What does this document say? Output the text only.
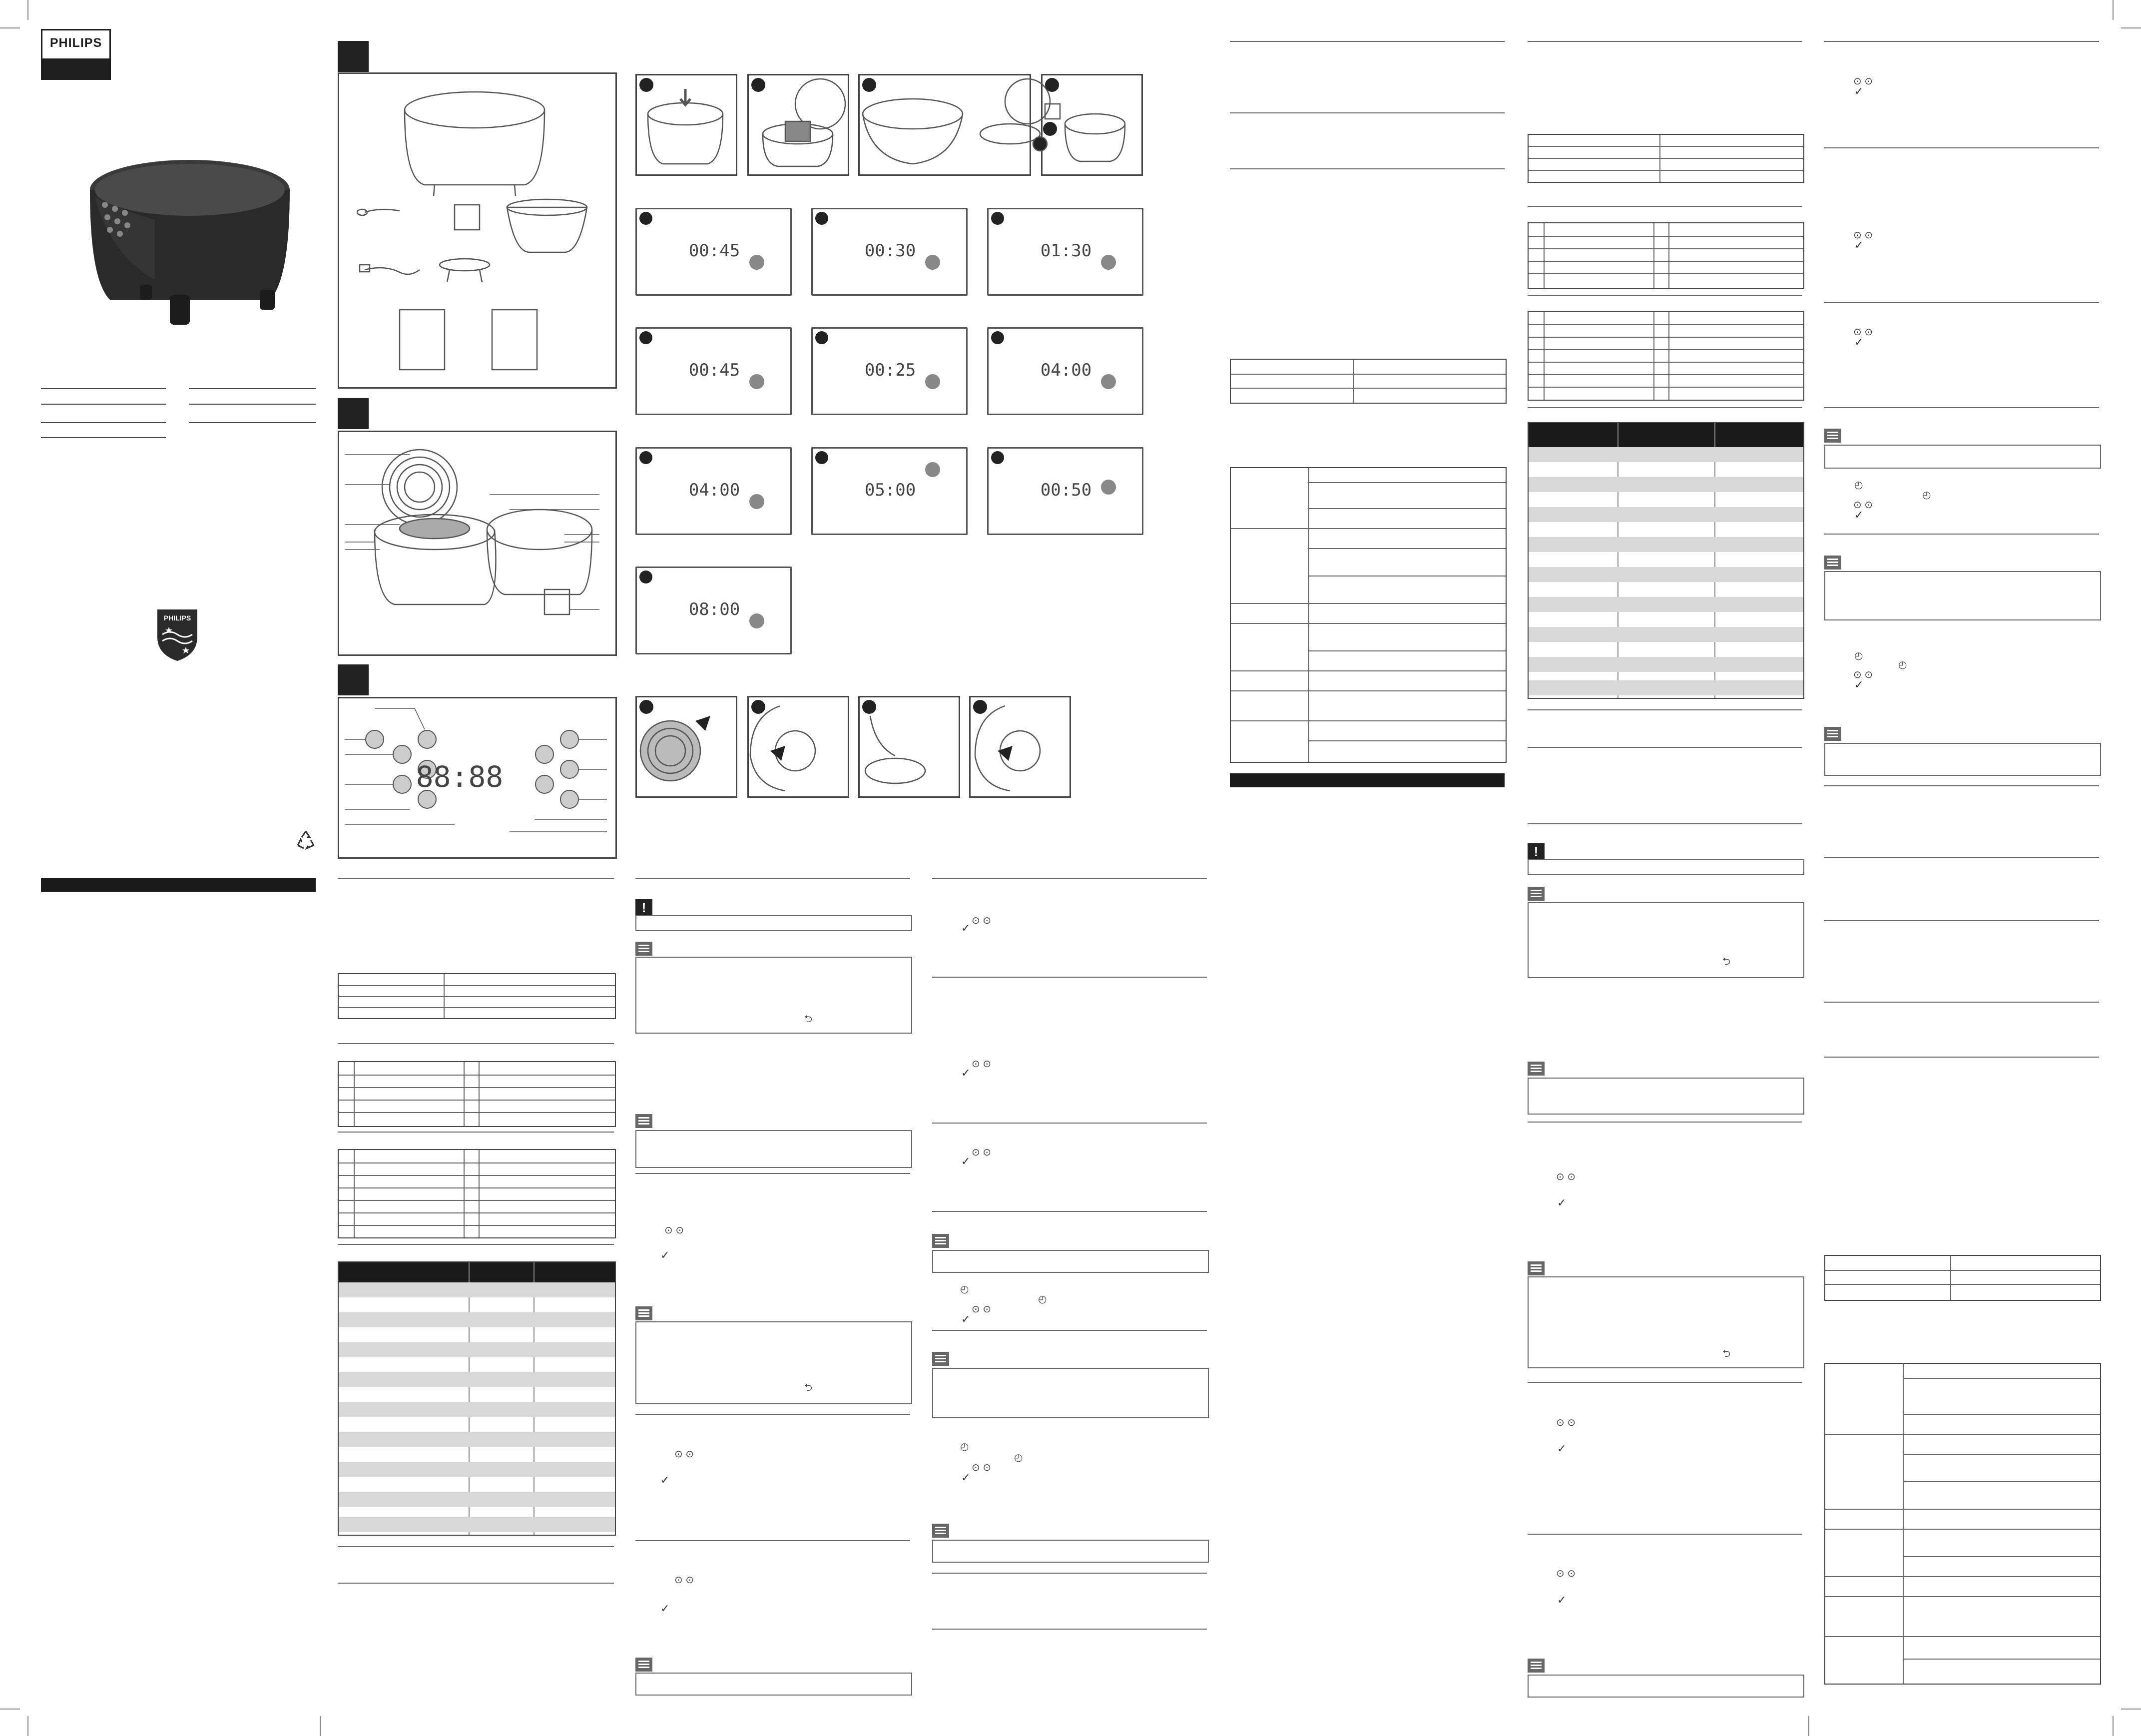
PHILIPS
PHILIPS
88:88
00:45	00:30	01:30
00:45	00:25	04:00
04:00	05:00	00:50
08:00
!
⮌
⊙ ⊙
✓
⮌
⊙ ⊙
✓
⊙ ⊙
✓
⊙ ⊙
✓
⊙ ⊙
✓
⊙ ⊙
✓
◴
◴
⊙ ⊙
✓
◴
◴
⊙ ⊙
✓
!
⮌
⊙ ⊙
✓
⮌
⊙ ⊙
✓
⊙ ⊙
✓
⊙ ⊙
✓
⊙ ⊙
✓
⊙ ⊙
✓
◴
◴
⊙ ⊙
✓
◴
◴
⊙ ⊙
✓
